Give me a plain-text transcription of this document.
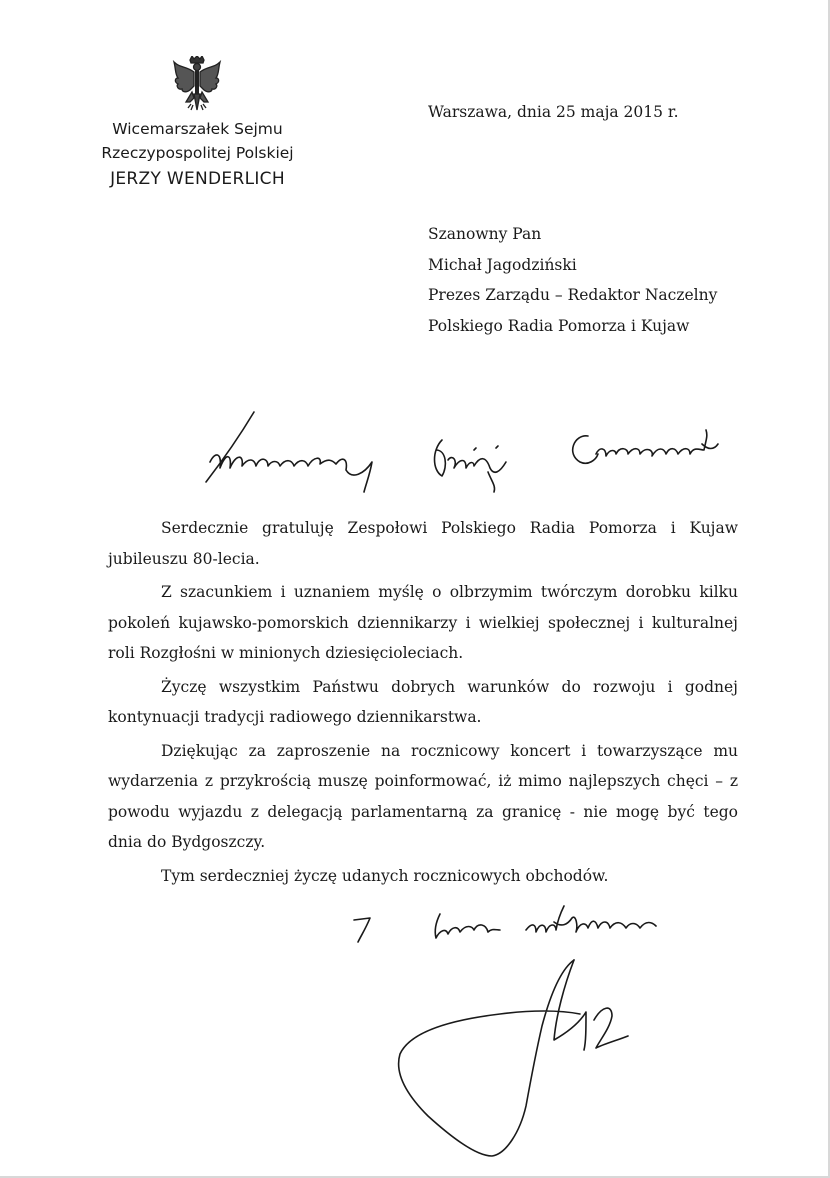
Wicemarszałek Sejmu
Rzeczypospolitej Polskiej
JERZY WENDERLICH
Warszawa, dnia 25 maja 2015 r.
Szanowny Pan
Michał Jagodziński
Prezes Zarządu – Redaktor Naczelny
Polskiego Radia Pomorza i Kujaw

Serdecznie gratuluję Zespołowi Polskiego Radia Pomorza i Kujaw jubileuszu 80-lecia.

Z szacunkiem i uznaniem myślę o olbrzymim twórczym dorobku kilku pokoleń kujawsko-pomorskich dziennikarzy i wielkiej społecznej i kulturalnej roli Rozgłośni w minionych dziesięcioleciach.

Życzę wszystkim Państwu dobrych warunków do rozwoju i godnej kontynuacji tradycji radiowego dziennikarstwa.

Dziękując za zaproszenie na rocznicowy koncert i towarzyszące mu wydarzenia z przykrością muszę poinformować, iż mimo najlepszych chęci – z powodu wyjazdu z delegacją parlamentarną za granicę - nie mogę być tego dnia do Bydgoszczy.

Tym serdeczniej życzę udanych rocznicowych obchodów.
